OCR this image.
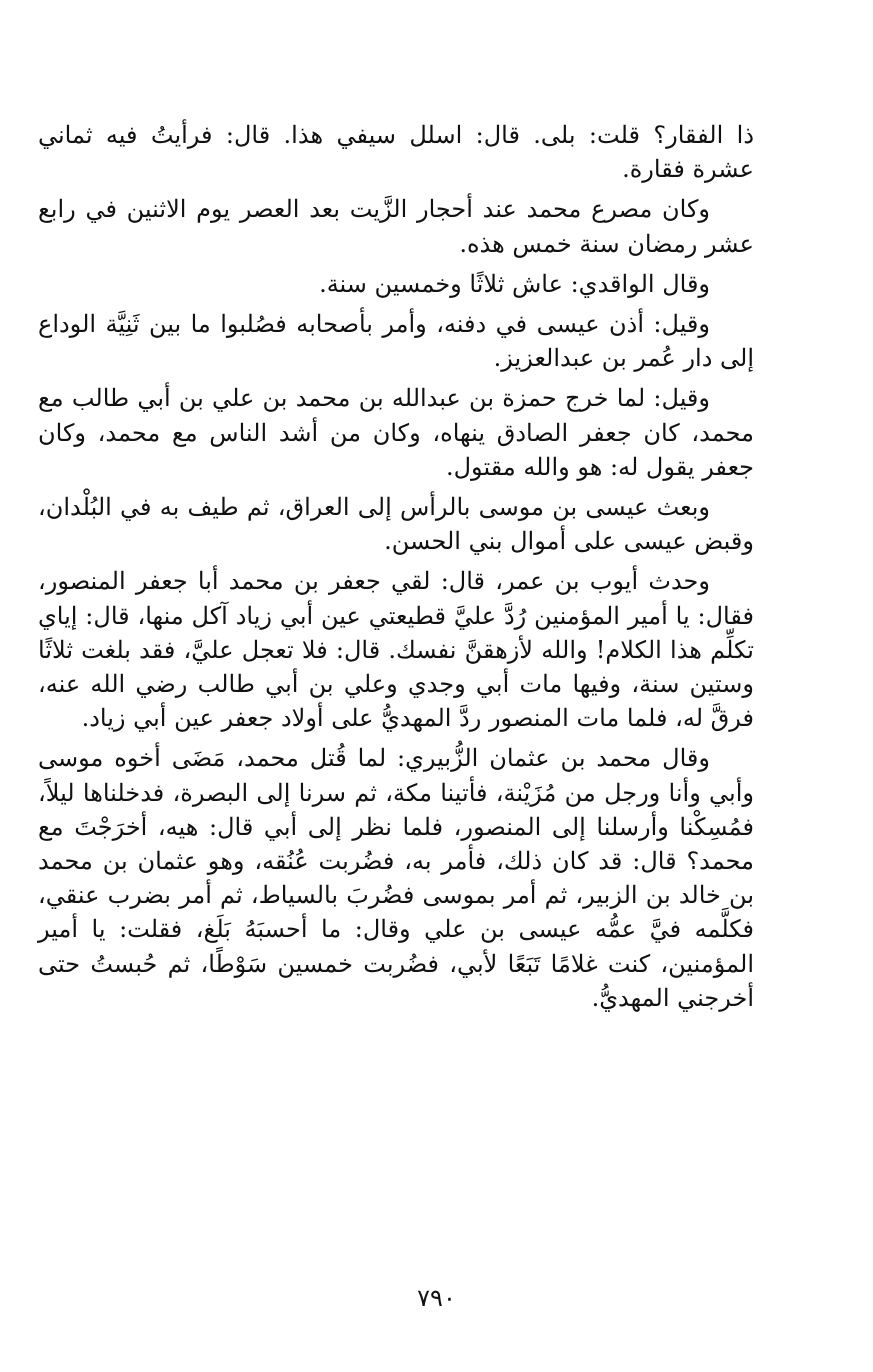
ذا الفقار؟ قلت: بلى. قال: اسلل سيفي هذا. قال: فرأيتُ فيه ثماني عشرة فقارة.

وكان مصرع محمد عند أحجار الزَّيت بعد العصر يوم الاثنين في رابع عشر رمضان سنة خمس هذه.

وقال الواقدي: عاش ثلاثًا وخمسين سنة.

وقيل: أذن عيسى في دفنه، وأمر بأصحابه فصُلبوا ما بين ثَنِيَّة الوداع إلى دار عُمر بن عبدالعزيز.

وقيل: لما خرج حمزة بن عبدالله بن محمد بن علي بن أبي طالب مع محمد، كان جعفر الصادق ينهاه، وكان من أشد الناس مع محمد، وكان جعفر يقول له: هو والله مقتول.

وبعث عيسى بن موسى بالرأس إلى العراق، ثم طيف به في البُلْدان، وقبض عيسى على أموال بني الحسن.

وحدث أيوب بن عمر، قال: لقي جعفر بن محمد أبا جعفر المنصور، فقال: يا أمير المؤمنين رُدَّ عليَّ قطيعتي عين أبي زياد آكل منها، قال: إياي تكلِّم هذا الكلام! والله لأزهقنَّ نفسك. قال: فلا تعجل عليَّ، فقد بلغت ثلاثًا وستين سنة، وفيها مات أبي وجدي وعلي بن أبي طالب رضي الله عنه، فرقَّ له، فلما مات المنصور ردَّ المهديُّ على أولاد جعفر عين أبي زياد.

وقال محمد بن عثمان الزُّبيري: لما قُتل محمد، مَضَى أخوه موسى وأبي وأنا ورجل من مُزَيْنة، فأتينا مكة، ثم سرنا إلى البصرة، فدخلناها ليلاً، فمُسِكْنا وأرسلنا إلى المنصور، فلما نظر إلى أبي قال: هيه، أخرَجْتَ مع محمد؟ قال: قد كان ذلك، فأمر به، فضُربت عُنُقه، وهو عثمان بن محمد بن خالد بن الزبير، ثم أمر بموسى فضُربَ بالسياط، ثم أمر بضرب عنقي، فكلَّمه فيَّ عمُّه عيسى بن علي وقال: ما أحسبَهُ بَلَغ، فقلت: يا أمير المؤمنين، كنت غلامًا تَبَعًا لأبي، فضُربت خمسين سَوْطًا، ثم حُبستُ حتى أخرجني المهديُّ.

٧٩٠
